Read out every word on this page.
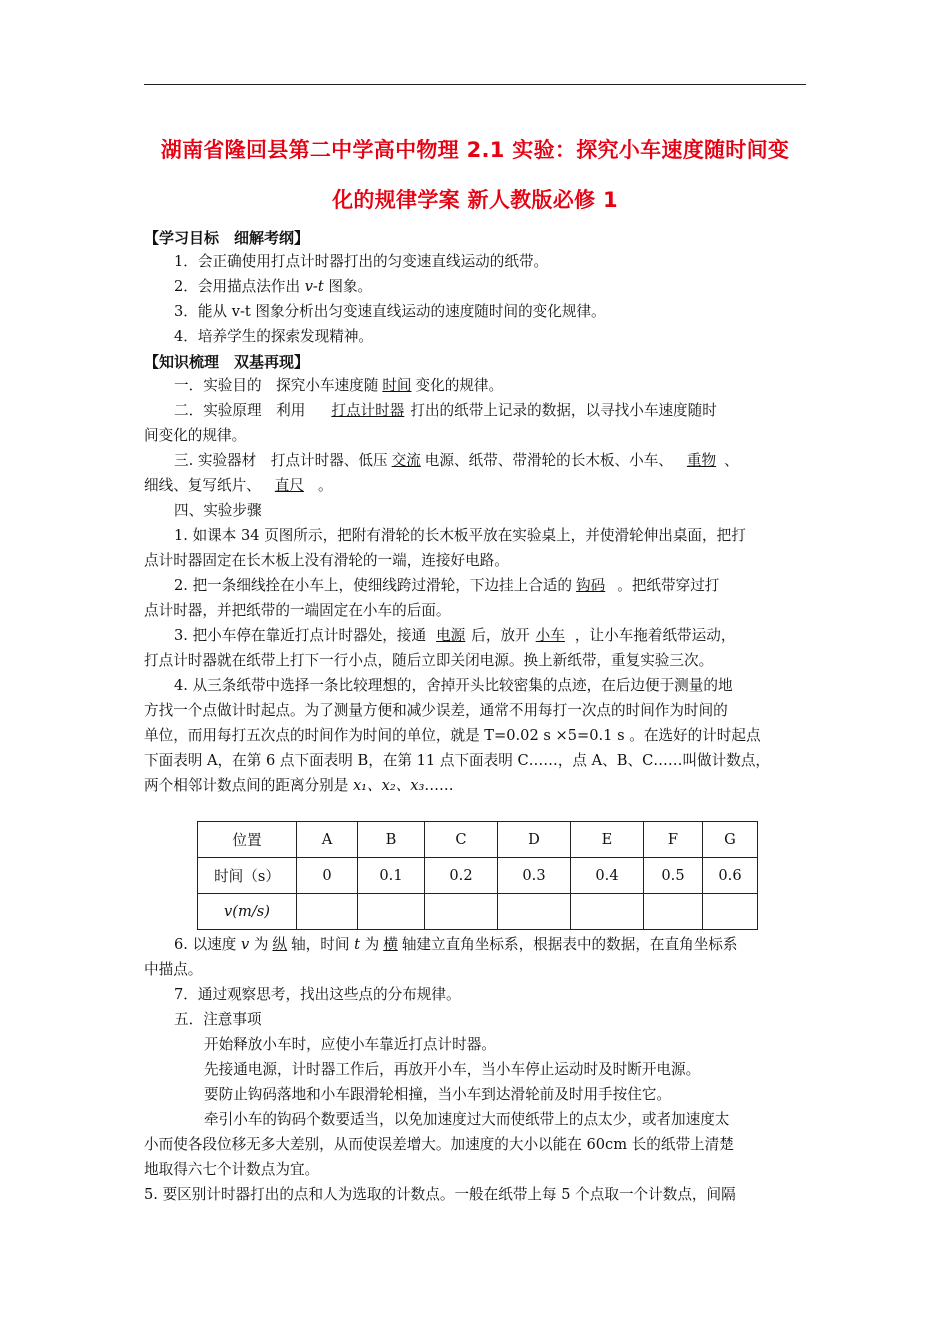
湖南省隆回县第二中学高中物理 2.1 实验：探究小车速度随时间变
化的规律学案 新人教版必修 1
【学习目标　细解考纲】
1．会正确使用打点计时器打出的匀变速直线运动的纸带。
2．会用描点法作出 v-t 图象。
3．能从 v-t 图象分析出匀变速直线运动的速度随时间的变化规律。
4．培养学生的探索发现精神。
【知识梳理　双基再现】
一．实验目的　探究小车速度随 时间 变化的规律。
二．实验原理　利用 打点计时器 打出的纸带上记录的数据，以寻找小车速度随时
间变化的规律。
三. 实验器材　打点计时器、低压 交流 电源、纸带、带滑轮的长木板、小车、 重物 、
细线、复写纸片、 直尺 。
四、实验步骤
1. 如课本 34 页图所示，把附有滑轮的长木板平放在实验桌上，并使滑轮伸出桌面，把打
点计时器固定在长木板上没有滑轮的一端，连接好电路。
2. 把一条细线拴在小车上，使细线跨过滑轮，下边挂上合适的 钩码 。把纸带穿过打
点计时器，并把纸带的一端固定在小车的后面。
3. 把小车停在靠近打点计时器处，接通 电源 后，放开 小车 ，让小车拖着纸带运动，
打点计时器就在纸带上打下一行小点，随后立即关闭电源。换上新纸带，重复实验三次。
4. 从三条纸带中选择一条比较理想的，舍掉开头比较密集的点迹，在后边便于测量的地
方找一个点做计时起点。为了测量方便和减少误差，通常不用每打一次点的时间作为时间的
单位，而用每打五次点的时间作为时间的单位，就是 T=0.02 s ×5=0.1 s 。在选好的计时起点
下面表明 A，在第 6 点下面表明 B，在第 11 点下面表明 C……，点 A、B、C……叫做计数点，
两个相邻计数点间的距离分别是 x₁、x₂、x₃……
位置	A	B	C	D	E	F	G
时间（s）	0	0.1	0.2	0.3	0.4	0.5	0.6
v(m/s)							
6. 以速度 v 为 纵 轴，时间 t 为 横 轴建立直角坐标系，根据表中的数据，在直角坐标系
中描点。
7．通过观察思考，找出这些点的分布规律。
五．注意事项
开始释放小车时，应使小车靠近打点计时器。
先接通电源，计时器工作后，再放开小车，当小车停止运动时及时断开电源。
要防止钩码落地和小车跟滑轮相撞，当小车到达滑轮前及时用手按住它。
牵引小车的钩码个数要适当，以免加速度过大而使纸带上的点太少，或者加速度太
小而使各段位移无多大差别，从而使误差增大。加速度的大小以能在 60cm 长的纸带上清楚
地取得六七个计数点为宜。
5. 要区别计时器打出的点和人为选取的计数点。一般在纸带上每 5 个点取一个计数点，间隔
